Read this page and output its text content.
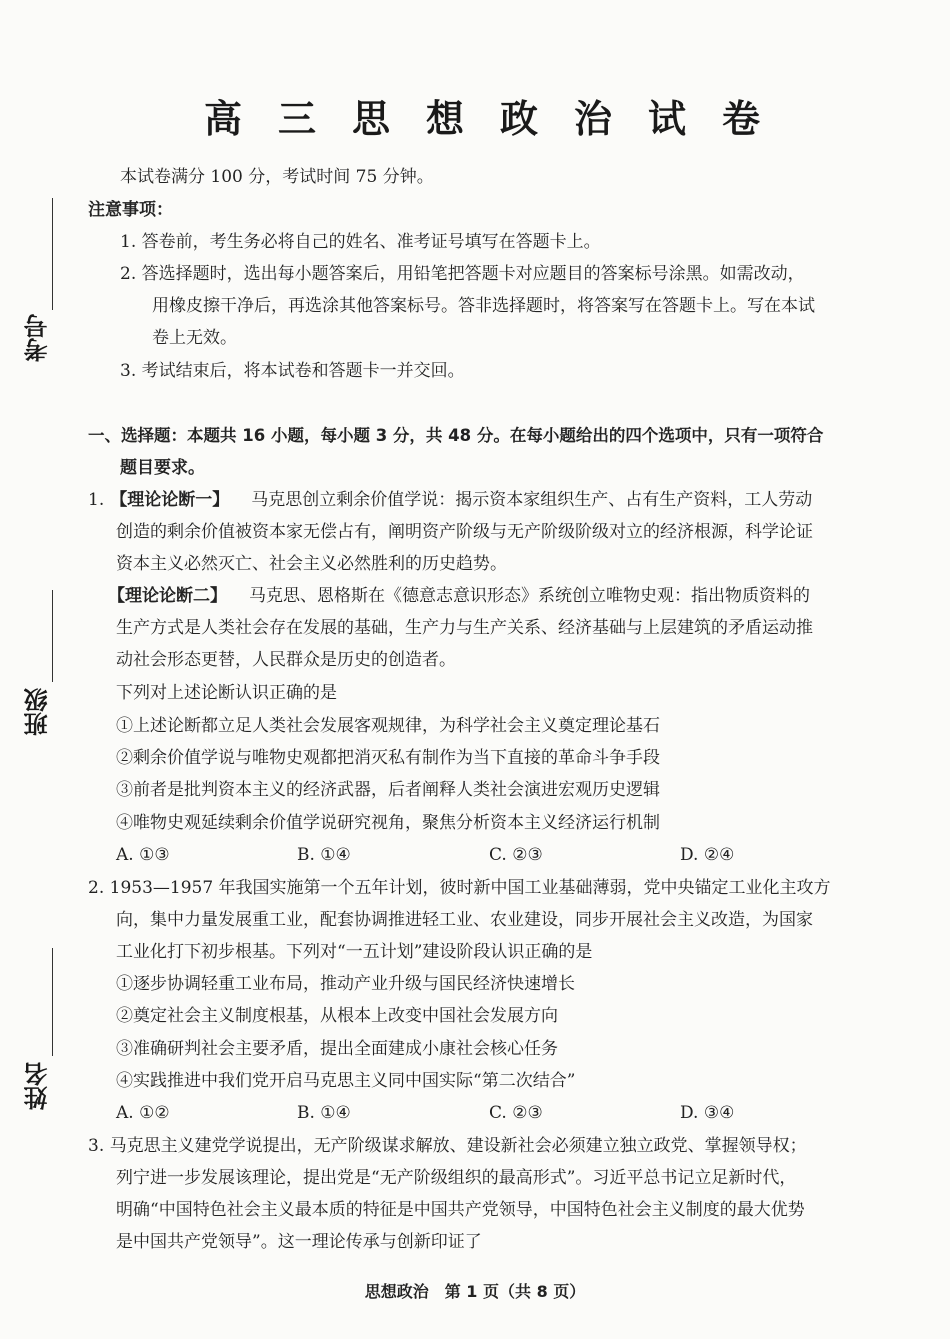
高三思想政治试卷
考号
班级
姓名
本试卷满分 100 分，考试时间 75 分钟。
注意事项：
1. 答卷前，考生务必将自己的姓名、准考证号填写在答题卡上。
2. 答选择题时，选出每小题答案后，用铅笔把答题卡对应题目的答案标号涂黑。如需改动，
用橡皮擦干净后，再选涂其他答案标号。答非选择题时，将答案写在答题卡上。写在本试
卷上无效。
3. 考试结束后，将本试卷和答题卡一并交回。
一、选择题：本题共 16 小题，每小题 3 分，共 48 分。在每小题给出的四个选项中，只有一项符合
题目要求。
1. 【理论论断一】 马克思创立剩余价值学说：揭示资本家组织生产、占有生产资料，工人劳动
创造的剩余价值被资本家无偿占有，阐明资产阶级与无产阶级阶级对立的经济根源，科学论证
资本主义必然灭亡、社会主义必然胜利的历史趋势。
【理论论断二】 马克思、恩格斯在《德意志意识形态》系统创立唯物史观：指出物质资料的
生产方式是人类社会存在发展的基础，生产力与生产关系、经济基础与上层建筑的矛盾运动推
动社会形态更替，人民群众是历史的创造者。
下列对上述论断认识正确的是
①上述论断都立足人类社会发展客观规律，为科学社会主义奠定理论基石
②剩余价值学说与唯物史观都把消灭私有制作为当下直接的革命斗争手段
③前者是批判资本主义的经济武器，后者阐释人类社会演进宏观历史逻辑
④唯物史观延续剩余价值学说研究视角，聚焦分析资本主义经济运行机制
A. ①③	B. ①④	C. ②③	D. ②④
2. 1953—1957 年我国实施第一个五年计划，彼时新中国工业基础薄弱，党中央锚定工业化主攻方
向，集中力量发展重工业，配套协调推进轻工业、农业建设，同步开展社会主义改造，为国家
工业化打下初步根基。下列对“一五计划”建设阶段认识正确的是
①逐步协调轻重工业布局，推动产业升级与国民经济快速增长
②奠定社会主义制度根基，从根本上改变中国社会发展方向
③准确研判社会主要矛盾，提出全面建成小康社会核心任务
④实践推进中我们党开启马克思主义同中国实际“第二次结合”
A. ①②	B. ①④	C. ②③	D. ③④
3. 马克思主义建党学说提出，无产阶级谋求解放、建设新社会必须建立独立政党、掌握领导权；
列宁进一步发展该理论，提出党是“无产阶级组织的最高形式”。习近平总书记立足新时代，
明确“中国特色社会主义最本质的特征是中国共产党领导，中国特色社会主义制度的最大优势
是中国共产党领导”。这一理论传承与创新印证了
思想政治　第 1 页（共 8 页）
